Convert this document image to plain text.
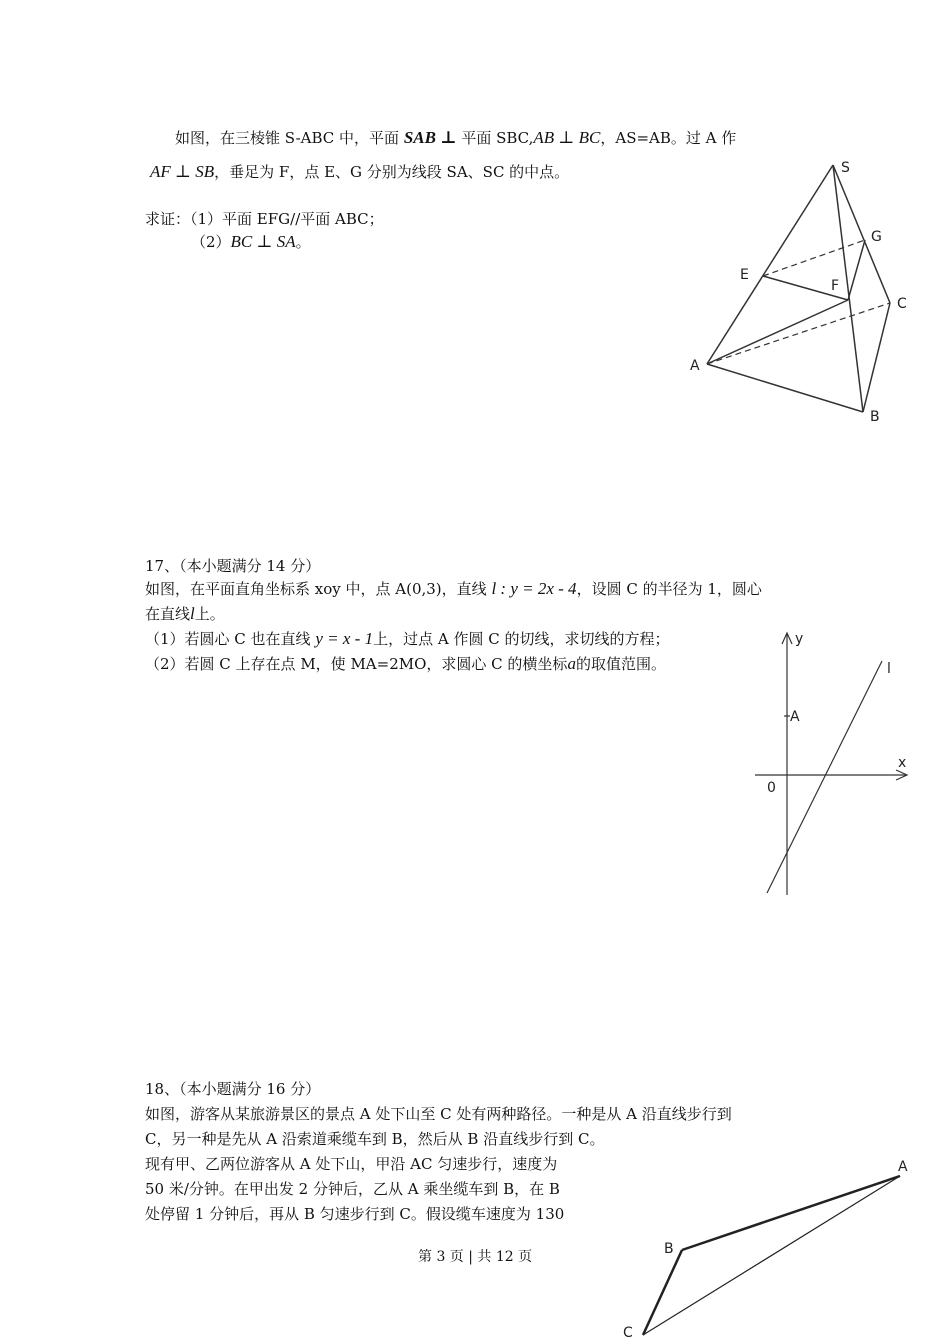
如图，在三棱锥 S-ABC 中，平面 SAB ⊥ 平面 SBC,AB ⊥ BC，AS=AB。过 A 作
AF ⊥ SB，垂足为 F，点 E、G 分别为线段 SA、SC 的中点。
求证：（1）平面 EFG//平面 ABC；
（2）BC ⊥ SA。
S
G
E
F
C
A
B
17、（本小题满分 14 分）
如图，在平面直角坐标系 xoy 中，点 A(0,3)，直线 l : y = 2x - 4，设圆 C 的半径为 1，圆心
在直线l上。
（1）若圆心 C 也在直线 y = x - 1上，过点 A 作圆 C 的切线，求切线的方程；
（2）若圆 C 上存在点 M，使 MA=2MO，求圆心 C 的横坐标a的取值范围。
y
x
A
0
l
18、（本小题满分 16 分）
如图，游客从某旅游景区的景点 A 处下山至 C 处有两种路径。一种是从 A 沿直线步行到
C，另一种是先从 A 沿索道乘缆车到 B，然后从 B 沿直线步行到 C。
现有甲、乙两位游客从 A 处下山，甲沿 AC 匀速步行，速度为
50 米/分钟。在甲出发 2 分钟后，乙从 A 乘坐缆车到 B，在 B
处停留 1 分钟后，再从 B 匀速步行到 C。假设缆车速度为 130
A
B
C
第 3 页 | 共 12 页
